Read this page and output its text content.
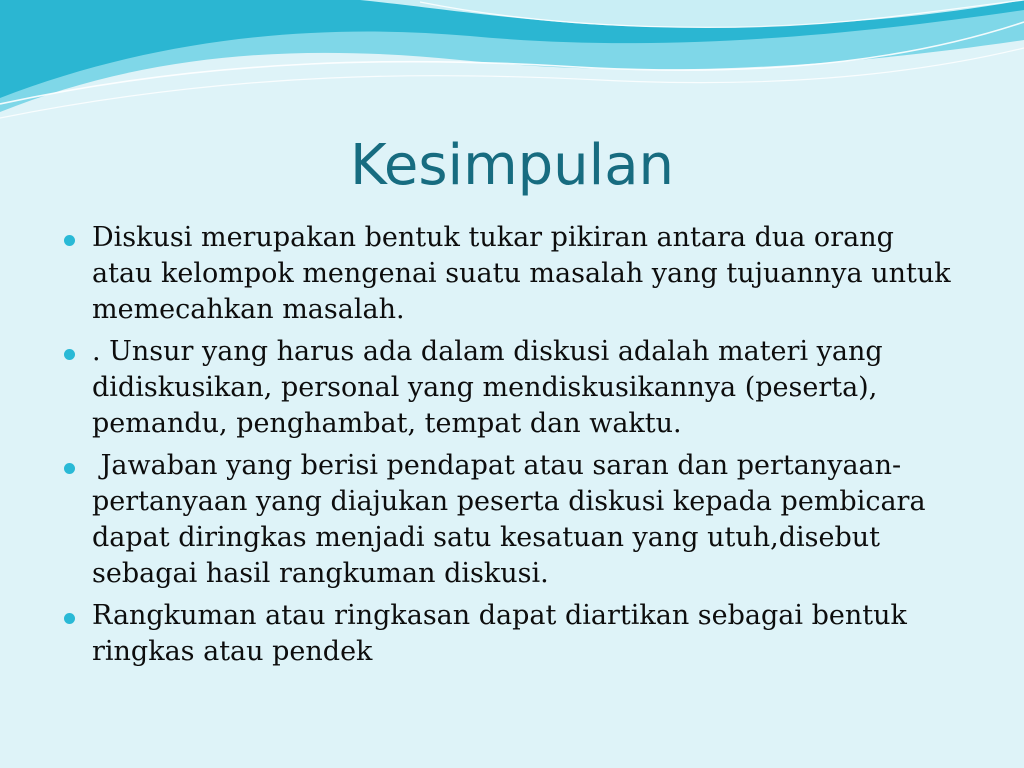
Kesimpulan
Diskusi merupakan bentuk tukar pikiran antara dua orang atau kelompok mengenai suatu masalah yang tujuannya untuk memecahkan masalah.
. Unsur yang harus ada dalam diskusi adalah materi yang didiskusikan, personal yang mendiskusikannya (peserta), pemandu, penghambat, tempat dan waktu.
Jawaban yang berisi pendapat atau saran dan pertanyaan-pertanyaan yang diajukan peserta diskusi kepada pembicara dapat diringkas menjadi satu kesatuan yang utuh,disebut sebagai hasil rangkuman diskusi.
Rangkuman atau ringkasan dapat diartikan sebagai bentuk ringkas atau pendek
